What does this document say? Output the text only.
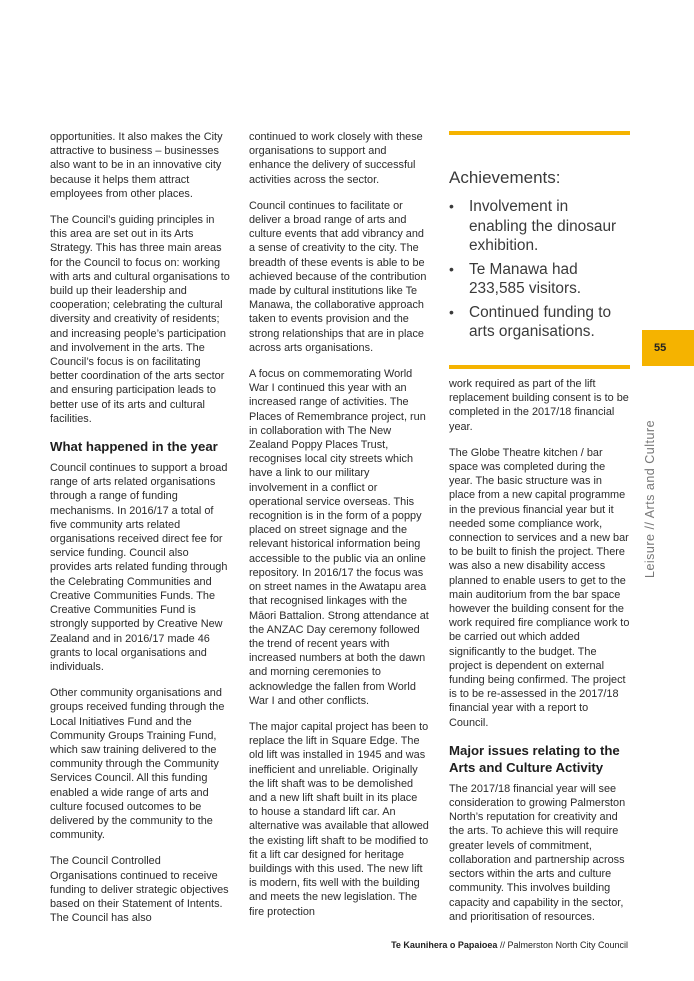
opportunities. It also makes the City attractive to business – businesses also want to be in an innovative city because it helps them attract employees from other places.

The Council’s guiding principles in this area are set out in its Arts Strategy. This has three main areas for the Council to focus on: working with arts and cultural organisations to build up their leadership and cooperation; celebrating the cultural diversity and creativity of residents; and increasing people’s participation and involvement in the arts. The Council’s focus is on facilitating better coordination of the arts sector and ensuring participation leads to better use of its arts and cultural facilities.

What happened in the year

Council continues to support a broad range of arts related organisations through a range of funding mechanisms. In 2016/17 a total of five community arts related organisations received direct fee for service funding. Council also provides arts related funding through the Celebrating Communities and Creative Communities Funds. The Creative Communities Fund is strongly supported by Creative New Zealand and in 2016/17 made 46 grants to local organisations and individuals.

Other community organisations and groups received funding through the Local Initiatives Fund and the Community Groups Training Fund, which saw training delivered to the community through the Community Services Council. All this funding enabled a wide range of arts and culture focused outcomes to be delivered by the community to the community.

The Council Controlled Organisations continued to receive funding to deliver strategic objectives based on their Statement of Intents. The Council has also

continued to work closely with these organisations to support and enhance the delivery of successful activities across the sector.

Council continues to facilitate or deliver a broad range of arts and culture events that add vibrancy and a sense of creativity to the city. The breadth of these events is able to be achieved because of the contribution made by cultural institutions like Te Manawa, the collaborative approach taken to events provision and the strong relationships that are in place across arts organisations.

A focus on commemorating World War I continued this year with an increased range of activities. The Places of Remembrance project, run in collaboration with The New Zealand Poppy Places Trust, recognises local city streets which have a link to our military involvement in a conflict or operational service overseas. This recognition is in the form of a poppy placed on street signage and the relevant historical information being accessible to the public via an online repository. In 2016/17 the focus was on street names in the Awatapu area that recognised linkages with the Māori Battalion. Strong attendance at the ANZAC Day ceremony followed the trend of recent years with increased numbers at both the dawn and morning ceremonies to acknowledge the fallen from World War I and other conflicts.

The major capital project has been to replace the lift in Square Edge. The old lift was installed in 1945 and was inefficient and unreliable. Originally the lift shaft was to be demolished and a new lift shaft built in its place to house a standard lift car. An alternative was available that allowed the existing lift shaft to be modified to fit a lift car designed for heritage buildings with this used. The new lift is modern, fits well with the building and meets the new legislation. The fire protection

Achievements:
• Involvement in enabling the dinosaur exhibition.
• Te Manawa had 233,585 visitors.
• Continued funding to arts organisations.

work required as part of the lift replacement building consent is to be completed in the 2017/18 financial year.

The Globe Theatre kitchen / bar space was completed during the year. The basic structure was in place from a new capital programme in the previous financial year but it needed some compliance work, connection to services and a new bar to be built to finish the project. There was also a new disability access planned to enable users to get to the main auditorium from the bar space however the building consent for the work required fire compliance work to be carried out which added significantly to the budget. The project is dependent on external funding being confirmed. The project is to be re-assessed in the 2017/18 financial year with a report to Council.

Major issues relating to the Arts and Culture Activity

The 2017/18 financial year will see consideration to growing Palmerston North’s reputation for creativity and the arts. To achieve this will require greater levels of commitment, collaboration and partnership across sectors within the arts and culture community. This involves building capacity and capability in the sector, and prioritisation of resources.

55
Leisure // Arts and Culture
Te Kaunihera o Papaioea // Palmerston North City Council
